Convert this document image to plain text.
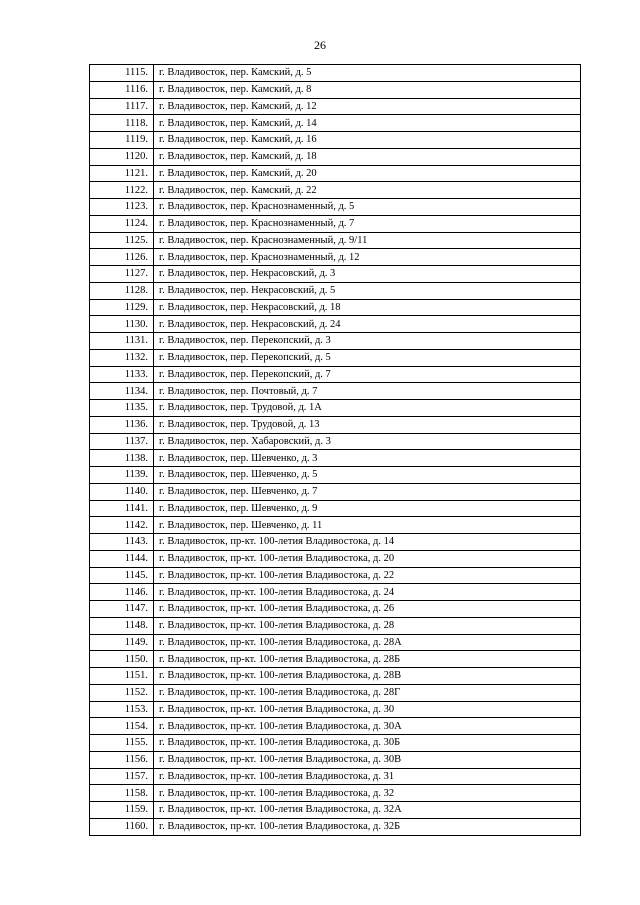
26
1115.	г. Владивосток, пер. Камский, д. 5
1116.	г. Владивосток, пер. Камский, д. 8
1117.	г. Владивосток, пер. Камский, д. 12
1118.	г. Владивосток, пер. Камский, д. 14
1119.	г. Владивосток, пер. Камский, д. 16
1120.	г. Владивосток, пер. Камский, д. 18
1121.	г. Владивосток, пер. Камский, д. 20
1122.	г. Владивосток, пер. Камский, д. 22
1123.	г. Владивосток, пер. Краснознаменный, д. 5
1124.	г. Владивосток, пер. Краснознаменный, д. 7
1125.	г. Владивосток, пер. Краснознаменный, д. 9/11
1126.	г. Владивосток, пер. Краснознаменный, д. 12
1127.	г. Владивосток, пер. Некрасовский, д. 3
1128.	г. Владивосток, пер. Некрасовский, д. 5
1129.	г. Владивосток, пер. Некрасовский, д. 18
1130.	г. Владивосток, пер. Некрасовский, д. 24
1131.	г. Владивосток, пер. Перекопский, д. 3
1132.	г. Владивосток, пер. Перекопский, д. 5
1133.	г. Владивосток, пер. Перекопский, д. 7
1134.	г. Владивосток, пер. Почтовый, д. 7
1135.	г. Владивосток, пер. Трудовой, д. 1А
1136.	г. Владивосток, пер. Трудовой, д. 13
1137.	г. Владивосток, пер. Хабаровский, д. 3
1138.	г. Владивосток, пер. Шевченко, д. 3
1139.	г. Владивосток, пер. Шевченко, д. 5
1140.	г. Владивосток, пер. Шевченко, д. 7
1141.	г. Владивосток, пер. Шевченко, д. 9
1142.	г. Владивосток, пер. Шевченко, д. 11
1143.	г. Владивосток, пр-кт. 100-летия Владивостока, д. 14
1144.	г. Владивосток, пр-кт. 100-летия Владивостока, д. 20
1145.	г. Владивосток, пр-кт. 100-летия Владивостока, д. 22
1146.	г. Владивосток, пр-кт. 100-летия Владивостока, д. 24
1147.	г. Владивосток, пр-кт. 100-летия Владивостока, д. 26
1148.	г. Владивосток, пр-кт. 100-летия Владивостока, д. 28
1149.	г. Владивосток, пр-кт. 100-летия Владивостока, д. 28А
1150.	г. Владивосток, пр-кт. 100-летия Владивостока, д. 28Б
1151.	г. Владивосток, пр-кт. 100-летия Владивостока, д. 28В
1152.	г. Владивосток, пр-кт. 100-летия Владивостока, д. 28Г
1153.	г. Владивосток, пр-кт. 100-летия Владивостока, д. 30
1154.	г. Владивосток, пр-кт. 100-летия Владивостока, д. 30А
1155.	г. Владивосток, пр-кт. 100-летия Владивостока, д. 30Б
1156.	г. Владивосток, пр-кт. 100-летия Владивостока, д. 30В
1157.	г. Владивосток, пр-кт. 100-летия Владивостока, д. 31
1158.	г. Владивосток, пр-кт. 100-летия Владивостока, д. 32
1159.	г. Владивосток, пр-кт. 100-летия Владивостока, д. 32А
1160.	г. Владивосток, пр-кт. 100-летия Владивостока, д. 32Б
